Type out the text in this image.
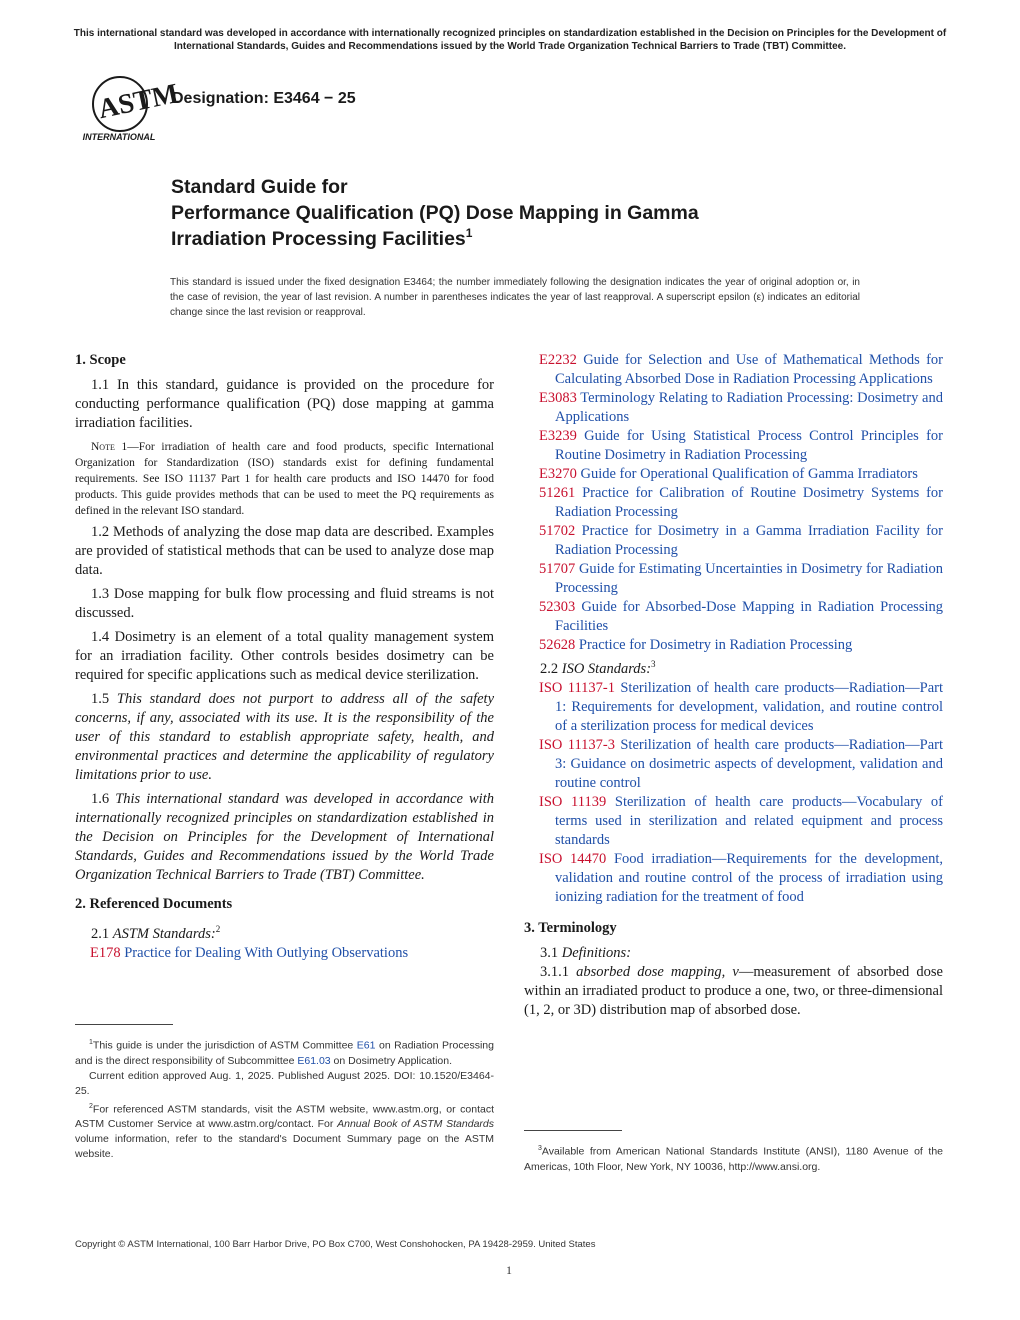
This international standard was developed in accordance with internationally recognized principles on standardization established in the Decision on Principles for the Development of International Standards, Guides and Recommendations issued by the World Trade Organization Technical Barriers to Trade (TBT) Committee.
ASTM
INTERNATIONAL
Designation: E3464 − 25
Standard Guide for
Performance Qualification (PQ) Dose Mapping in Gamma
Irradiation Processing Facilities$^1$
This standard is issued under the fixed designation E3464; the number immediately following the designation indicates the year of original adoption or, in the case of revision, the year of last revision. A number in parentheses indicates the year of last reapproval. A superscript epsilon (ε) indicates an editorial change since the last revision or reapproval.
1. Scope

1.1 In this standard, guidance is provided on the procedure for conducting performance qualification (PQ) dose mapping at gamma irradiation facilities.

Note 1—For irradiation of health care and food products, specific International Organization for Standardization (ISO) standards exist for defining fundamental requirements. See ISO 11137 Part 1 for health care products and ISO 14470 for food products. This guide provides methods that can be used to meet the PQ requirements as defined in the relevant ISO standard.

1.2 Methods of analyzing the dose map data are described. Examples are provided of statistical methods that can be used to analyze dose map data.

1.3 Dose mapping for bulk flow processing and fluid streams is not discussed.

1.4 Dosimetry is an element of a total quality management system for an irradiation facility. Other controls besides dosimetry can be required for specific applications such as medical device sterilization.

1.5 This standard does not purport to address all of the safety concerns, if any, associated with its use. It is the responsibility of the user of this standard to establish appropriate safety, health, and environmental practices and determine the applicability of regulatory limitations prior to use.

1.6 This international standard was developed in accordance with internationally recognized principles on standardization established in the Decision on Principles for the Development of International Standards, Guides and Recommendations issued by the World Trade Organization Technical Barriers to Trade (TBT) Committee.

2. Referenced Documents

2.1 ASTM Standards:$^2$

E178 Practice for Dealing With Outlying Observations

$^1$This guide is under the jurisdiction of ASTM Committee E61 on Radiation Processing and is the direct responsibility of Subcommittee E61.03 on Dosimetry Application.

Current edition approved Aug. 1, 2025. Published August 2025. DOI: 10.1520/E3464-25.

$^2$For referenced ASTM standards, visit the ASTM website, www.astm.org, or contact ASTM Customer Service at www.astm.org/contact. For Annual Book of ASTM Standards volume information, refer to the standard's Document Summary page on the ASTM website.

E2232 Guide for Selection and Use of Mathematical Methods for Calculating Absorbed Dose in Radiation Processing Applications

E3083 Terminology Relating to Radiation Processing: Dosimetry and Applications

E3239 Guide for Using Statistical Process Control Principles for Routine Dosimetry in Radiation Processing

E3270 Guide for Operational Qualification of Gamma Irradiators

51261 Practice for Calibration of Routine Dosimetry Systems for Radiation Processing

51702 Practice for Dosimetry in a Gamma Irradiation Facility for Radiation Processing

51707 Guide for Estimating Uncertainties in Dosimetry for Radiation Processing

52303 Guide for Absorbed-Dose Mapping in Radiation Processing Facilities

52628 Practice for Dosimetry in Radiation Processing

2.2 ISO Standards:$^3$

ISO 11137-1 Sterilization of health care products—Radiation—Part 1: Requirements for development, validation, and routine control of a sterilization process for medical devices

ISO 11137-3 Sterilization of health care products—Radiation—Part 3: Guidance on dosimetric aspects of development, validation and routine control

ISO 11139 Sterilization of health care products—Vocabulary of terms used in sterilization and related equipment and process standards

ISO 14470 Food irradiation—Requirements for the development, validation and routine control of the process of irradiation using ionizing radiation for the treatment of food

3. Terminology

3.1 Definitions:

3.1.1 absorbed dose mapping, v—measurement of absorbed dose within an irradiated product to produce a one, two, or three-dimensional (1, 2, or 3D) distribution map of absorbed dose.

$^3$Available from American National Standards Institute (ANSI), 1180 Avenue of the Americas, 10th Floor, New York, NY 10036, http://www.ansi.org.

Copyright © ASTM International, 100 Barr Harbor Drive, PO Box C700, West Conshohocken, PA 19428-2959. United States
1
